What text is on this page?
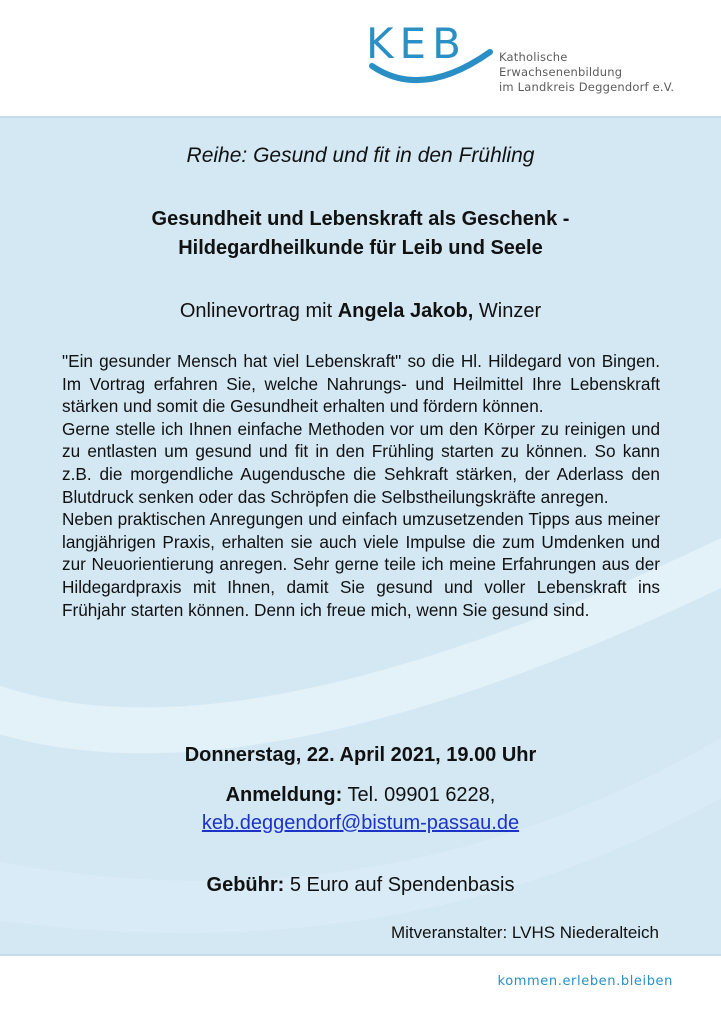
KEB	Katholische
Erwachsenenbildung
im Landkreis Deggendorf e.V.
Reihe: Gesund und fit in den Frühling
Gesundheit und Lebenskraft als Geschenk -
Hildegardheilkunde für Leib und Seele
Onlinevortrag mit Angela Jakob, Winzer

"Ein gesunder Mensch hat viel Lebenskraft" so die Hl. Hildegard von Bingen. Im Vortrag erfahren Sie, welche Nahrungs- und Heilmittel Ihre Lebenskraft stärken und somit die Gesundheit erhalten und fördern können.

Gerne stelle ich Ihnen einfache Methoden vor um den Körper zu reinigen und zu entlasten um gesund und fit in den Frühling starten zu können. So kann z.B. die morgendliche Augendusche die Sehkraft stärken, der Aderlass den Blutdruck senken oder das Schröpfen die Selbstheilungskräfte anregen.

Neben praktischen Anregungen und einfach umzusetzenden Tipps aus meiner langjährigen Praxis, erhalten sie auch viele Impulse die zum Umdenken und zur Neuorientierung anregen. Sehr gerne teile ich meine Erfahrungen aus der Hildegardpraxis mit Ihnen, damit Sie gesund und voller Lebenskraft ins Frühjahr starten können. Denn ich freue mich, wenn Sie gesund sind.

Donnerstag, 22. April 2021, 19.00 Uhr
Anmeldung: Tel. 09901 6228,
keb.deggendorf@bistum-passau.de
Gebühr: 5 Euro auf Spendenbasis
Mitveranstalter: LVHS Niederalteich
kommen.erleben.bleiben
